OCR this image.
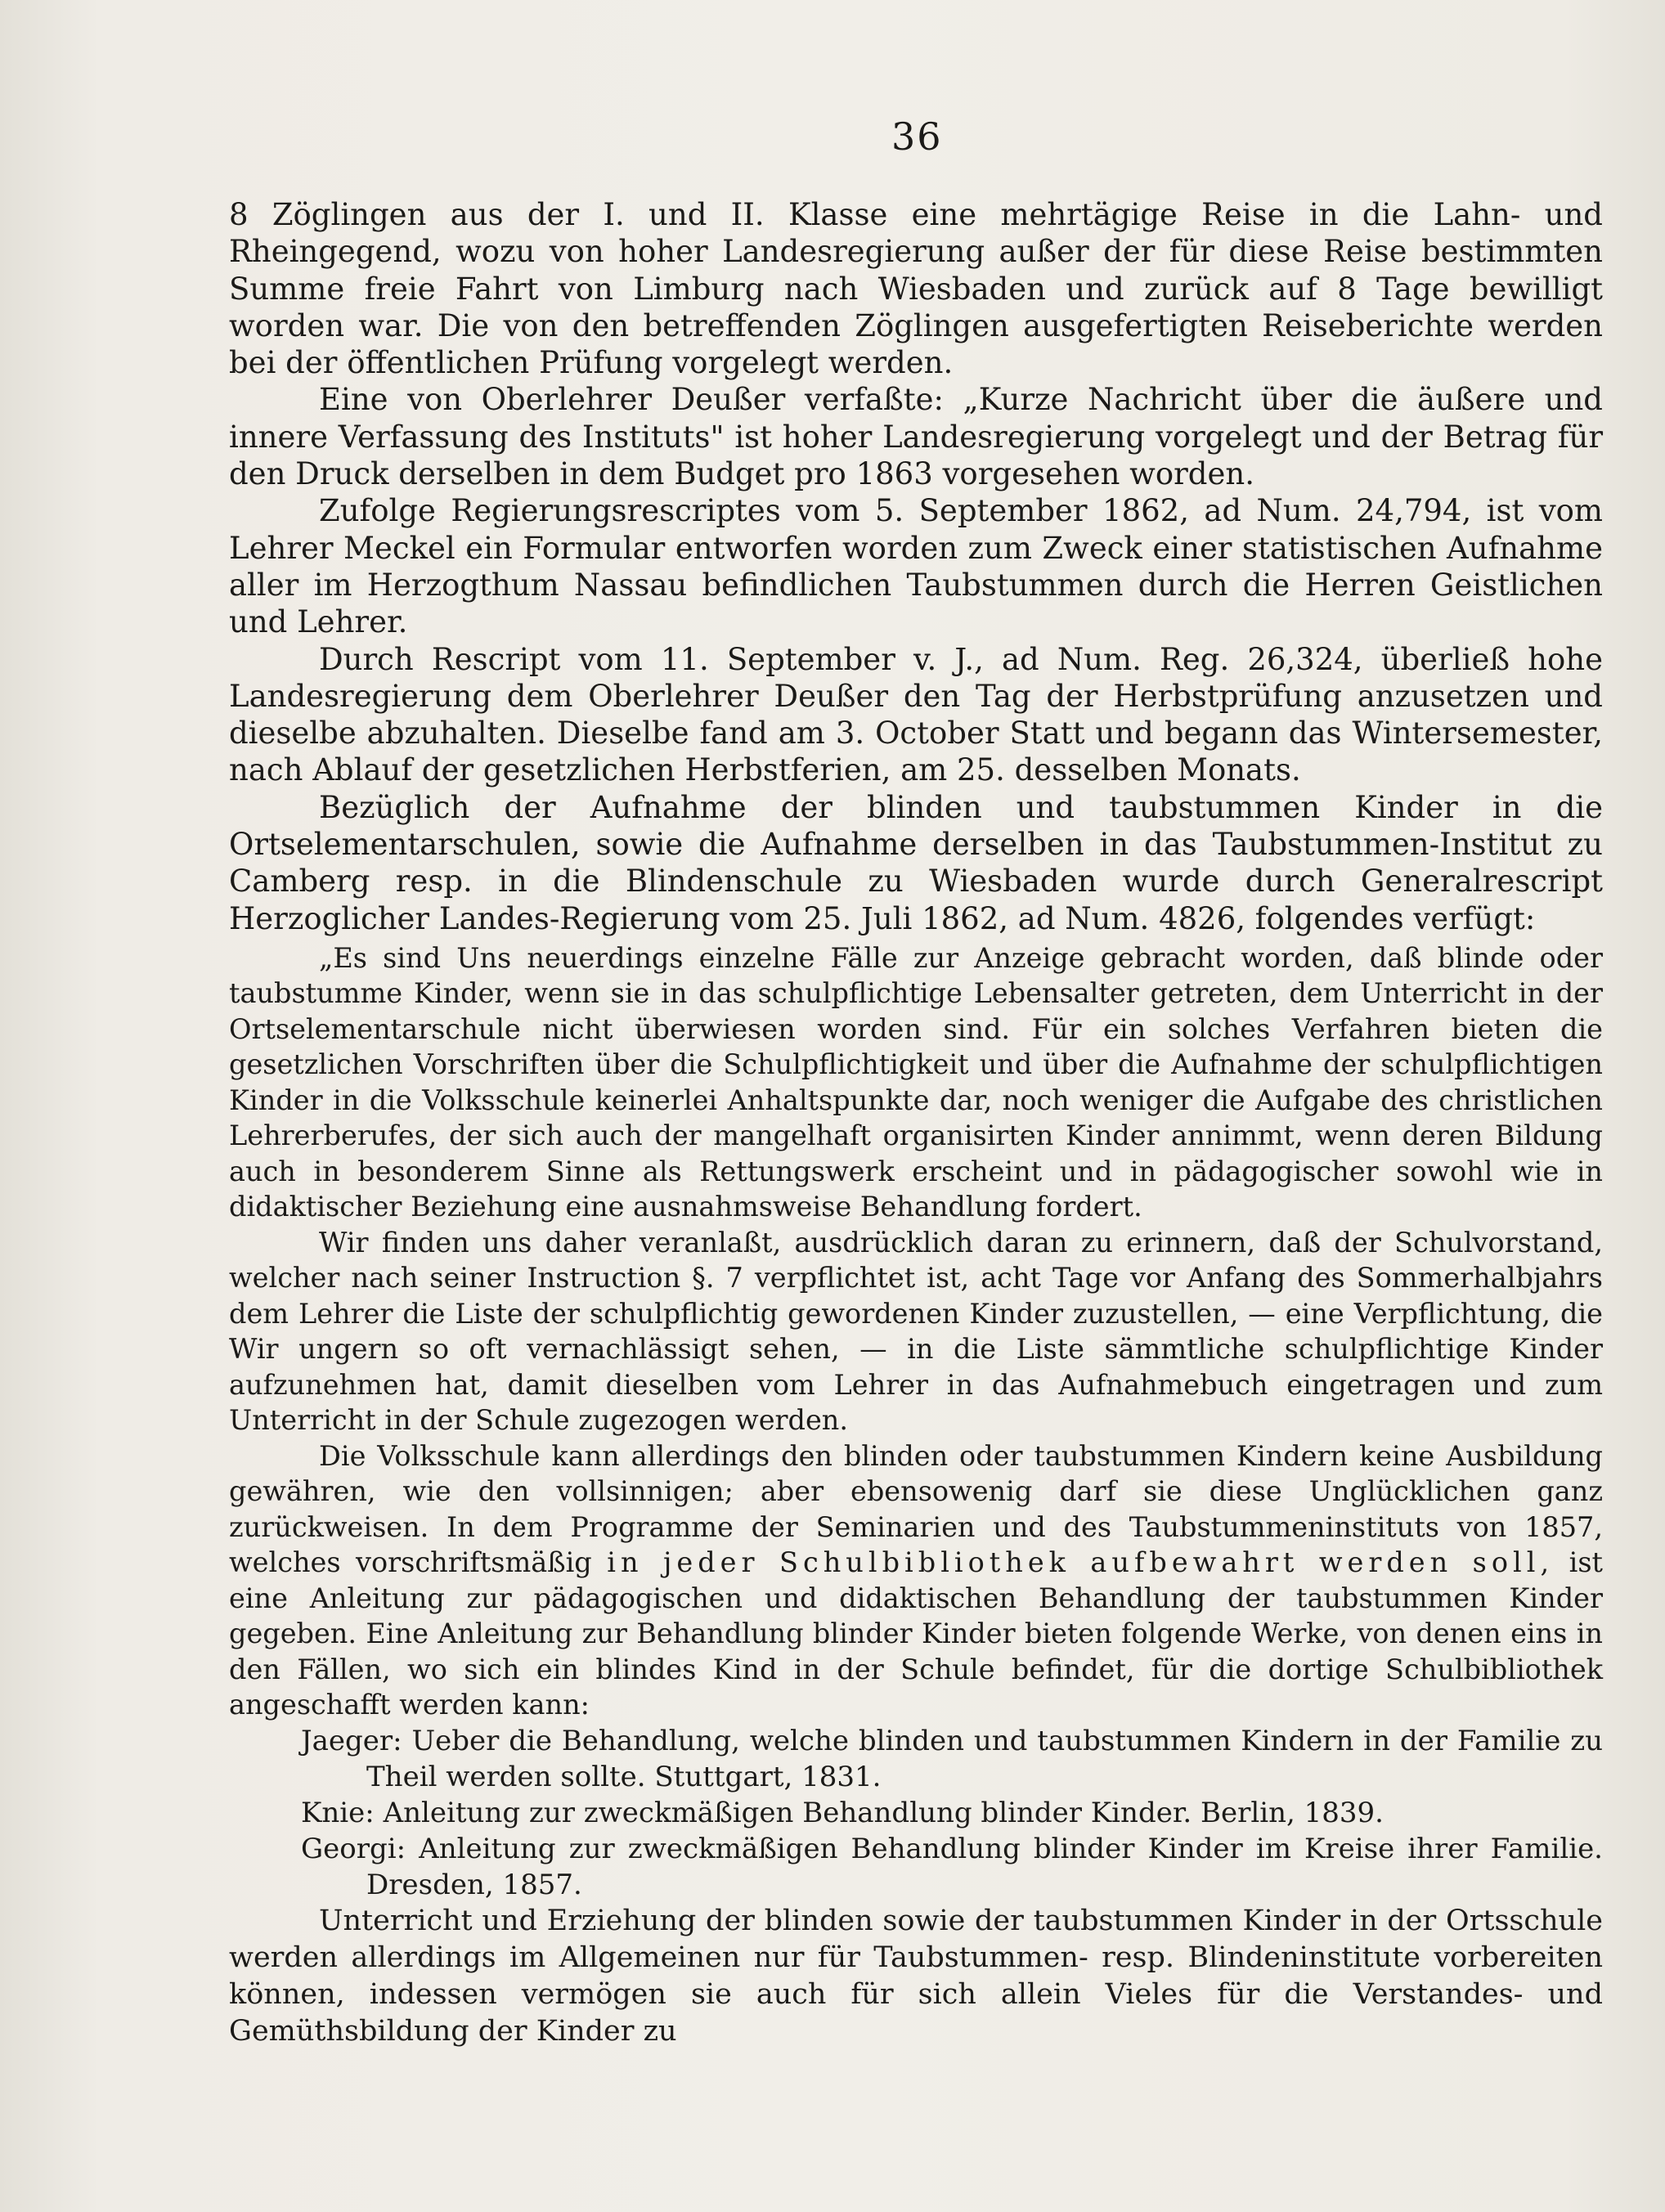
36

8 Zöglingen aus der I. und II. Klasse eine mehrtägige Reise in die Lahn- und Rheingegend, wozu von hoher Landesregierung außer der für diese Reise bestimmten Summe freie Fahrt von Limburg nach Wiesbaden und zurück auf 8 Tage bewilligt worden war. Die von den betreffenden Zöglingen ausgefertigten Reiseberichte werden bei der öffentlichen Prüfung vorgelegt werden.

Eine von Oberlehrer Deußer verfaßte: „Kurze Nachricht über die äußere und innere Verfassung des Instituts" ist hoher Landesregierung vorgelegt und der Betrag für den Druck derselben in dem Budget pro 1863 vorgesehen worden.

Zufolge Regierungsrescriptes vom 5. September 1862, ad Num. 24,794, ist vom Lehrer Meckel ein Formular entworfen worden zum Zweck einer statistischen Aufnahme aller im Herzogthum Nassau befindlichen Taubstummen durch die Herren Geistlichen und Lehrer.

Durch Rescript vom 11. September v. J., ad Num. Reg. 26,324, überließ hohe Landesregierung dem Oberlehrer Deußer den Tag der Herbstprüfung anzusetzen und dieselbe abzuhalten. Dieselbe fand am 3. October Statt und begann das Wintersemester, nach Ablauf der gesetzlichen Herbstferien, am 25. desselben Monats.

Bezüglich der Aufnahme der blinden und taubstummen Kinder in die Ortselementarschulen, sowie die Aufnahme derselben in das Taubstummen-Institut zu Camberg resp. in die Blindenschule zu Wiesbaden wurde durch Generalrescript Herzoglicher Landes-Regierung vom 25. Juli 1862, ad Num. 4826, folgendes verfügt:

„Es sind Uns neuerdings einzelne Fälle zur Anzeige gebracht worden, daß blinde oder taubstumme Kinder, wenn sie in das schulpflichtige Lebensalter getreten, dem Unterricht in der Ortselementarschule nicht überwiesen worden sind. Für ein solches Verfahren bieten die gesetzlichen Vorschriften über die Schulpflichtigkeit und über die Aufnahme der schulpflichtigen Kinder in die Volksschule keinerlei Anhaltspunkte dar, noch weniger die Aufgabe des christlichen Lehrerberufes, der sich auch der mangelhaft organisirten Kinder annimmt, wenn deren Bildung auch in besonderem Sinne als Rettungswerk erscheint und in pädagogischer sowohl wie in didaktischer Beziehung eine ausnahmsweise Behandlung fordert.

Wir finden uns daher veranlaßt, ausdrücklich daran zu erinnern, daß der Schulvorstand, welcher nach seiner Instruction §. 7 verpflichtet ist, acht Tage vor Anfang des Sommerhalbjahrs dem Lehrer die Liste der schulpflichtig gewordenen Kinder zuzustellen, — eine Verpflichtung, die Wir ungern so oft vernachlässigt sehen, — in die Liste sämmtliche schulpflichtige Kinder aufzunehmen hat, damit dieselben vom Lehrer in das Aufnahmebuch eingetragen und zum Unterricht in der Schule zugezogen werden.

Die Volksschule kann allerdings den blinden oder taubstummen Kindern keine Ausbildung gewähren, wie den vollsinnigen; aber ebensowenig darf sie diese Unglücklichen ganz zurückweisen. In dem Programme der Seminarien und des Taubstummeninstituts von 1857, welches vorschriftsmäßig in jeder Schulbibliothek aufbewahrt werden soll, ist eine Anleitung zur pädagogischen und didaktischen Behandlung der taubstummen Kinder gegeben. Eine Anleitung zur Behandlung blinder Kinder bieten folgende Werke, von denen eins in den Fällen, wo sich ein blindes Kind in der Schule befindet, für die dortige Schulbibliothek angeschafft werden kann:

Jaeger: Ueber die Behandlung, welche blinden und taubstummen Kindern in der Familie zu Theil werden sollte. Stuttgart, 1831.

Knie: Anleitung zur zweckmäßigen Behandlung blinder Kinder. Berlin, 1839.

Georgi: Anleitung zur zweckmäßigen Behandlung blinder Kinder im Kreise ihrer Familie. Dresden, 1857.

Unterricht und Erziehung der blinden sowie der taubstummen Kinder in der Ortsschule werden allerdings im Allgemeinen nur für Taubstummen- resp. Blindeninstitute vorbereiten können, indessen vermögen sie auch für sich allein Vieles für die Verstandes- und Gemüthsbildung der Kinder zu
